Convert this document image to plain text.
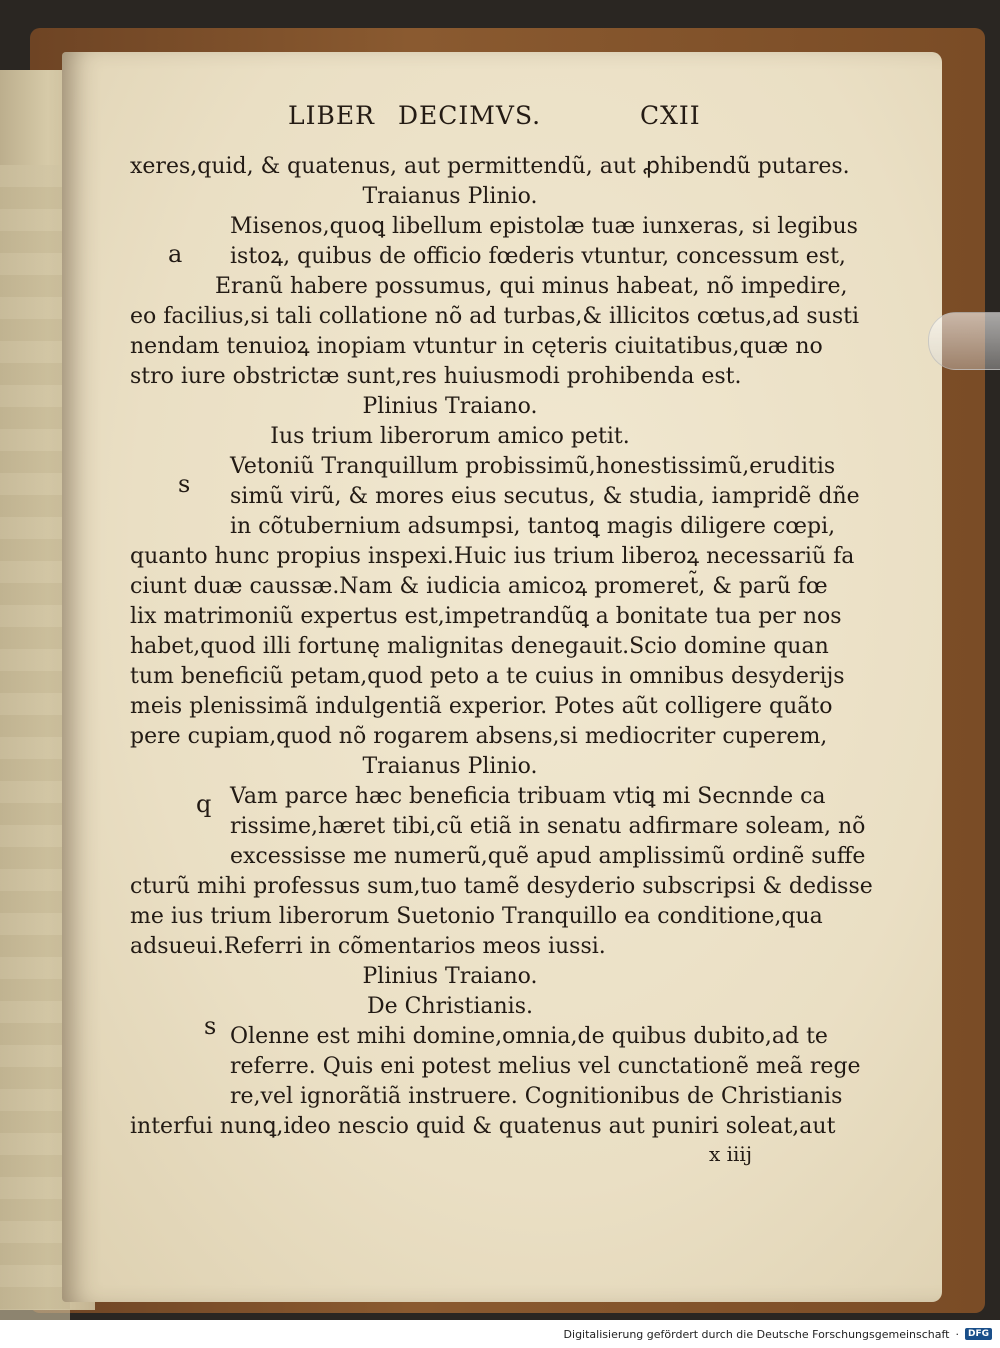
LIBER DECIMVS.	CXII

xeres,quid, & quatenus, aut permittendũ, aut ꝓhibendũ putares.

Traianus Plinio.

Misenos,quoꝗ libellum epistolæ tuæ iunxeras, si legibus

istoꝝ, quibus de officio fœderis vtuntur, concessum est,

Eranũ habere possumus, qui minus habeat, nõ impedire,

eo facilius,si tali collatione nõ ad turbas,& illicitos cœtus,ad susti

nendam tenuioꝝ inopiam vtuntur in cęteris ciuitatibus,quæ no

stro iure obstrictæ sunt,res huiusmodi prohibenda est.

Plinius Traiano.

Ius trium liberorum amico petit.

Vetoniũ Tranquillum probissimũ,honestissimũ,eruditis

simũ virũ, & mores eius secutus, & studia, iampridẽ dñe

in cõtubernium adsumpsi, tantoꝗ magis diligere cœpi,

quanto hunc propius inspexi.Huic ius trium liberoꝝ necessariũ fa

ciunt duæ caussæ.Nam & iudicia amicoꝝ promeret̃, & parũ fœ

lix matrimoniũ expertus est,impetrandũꝗ a bonitate tua per nos

habet,quod illi fortunę malignitas denegauit.Scio domine quan

tum beneficiũ petam,quod peto a te cuius in omnibus desyderijs

meis plenissimã indulgentiã experior. Potes aũt colligere quãto

pere cupiam,quod nõ rogarem absens,si mediocriter cuperem,

Traianus Plinio.

Vam parce hæc beneficia tribuam vtiꝗ mi Secnnde ca

rissime,hæret tibi,cũ etiã in senatu adfirmare soleam, nõ

excessisse me numerũ,quẽ apud amplissimũ ordinẽ suffe

cturũ mihi professus sum,tuo tamẽ desyderio subscripsi & dedisse

me ius trium liberorum Suetonio Tranquillo ea conditione,qua

adsueui.Referri in cõmentarios meos iussi.

Plinius Traiano.

De Christianis.

Olenne est mihi domine,omnia,de quibus dubito,ad te

referre. Quis eni potest melius vel cunctationẽ meã rege

re,vel ignorãtiã instruere. Cognitionibus de Christianis

interfui nunꝗ,ideo nescio quid & quatenus aut puniri soleat,aut

a
s
q
s
x iiij
Digitalisierung gefördert durch die Deutsche Forschungsgemeinschaft ·	DFG
